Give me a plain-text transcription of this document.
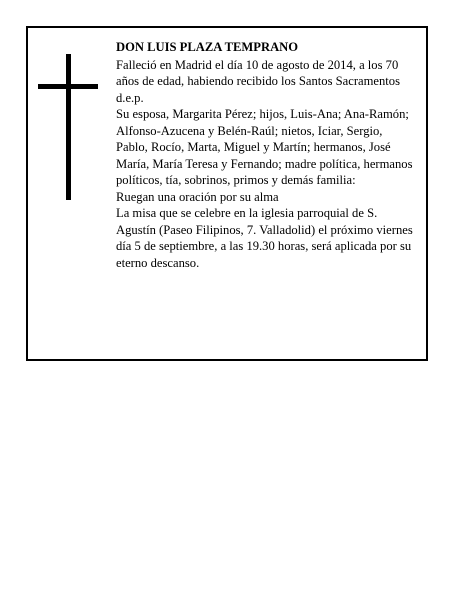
DON LUIS PLAZA TEMPRANO

Falleció en Madrid el día 10 de agosto de 2014, a los 70 años de edad, habiendo recibido los Santos Sacramentos

d.e.p.

Su esposa, Margarita Pérez; hijos, Luis-Ana; Ana-Ramón; Alfonso-Azucena y Belén-Raúl; nietos, Iciar, Sergio, Pablo, Rocío, Marta, Miguel y Martín; hermanos, José María, María Teresa y Fernando; madre política, hermanos políticos, tía, sobrinos, primos y demás familia:

Ruegan una oración por su alma

La misa que se celebre en la iglesia parroquial de S. Agustín (Paseo Filipinos, 7. Valladolid) el próximo viernes día 5 de septiembre, a las 19.30 horas, será aplicada por su eterno descanso.
